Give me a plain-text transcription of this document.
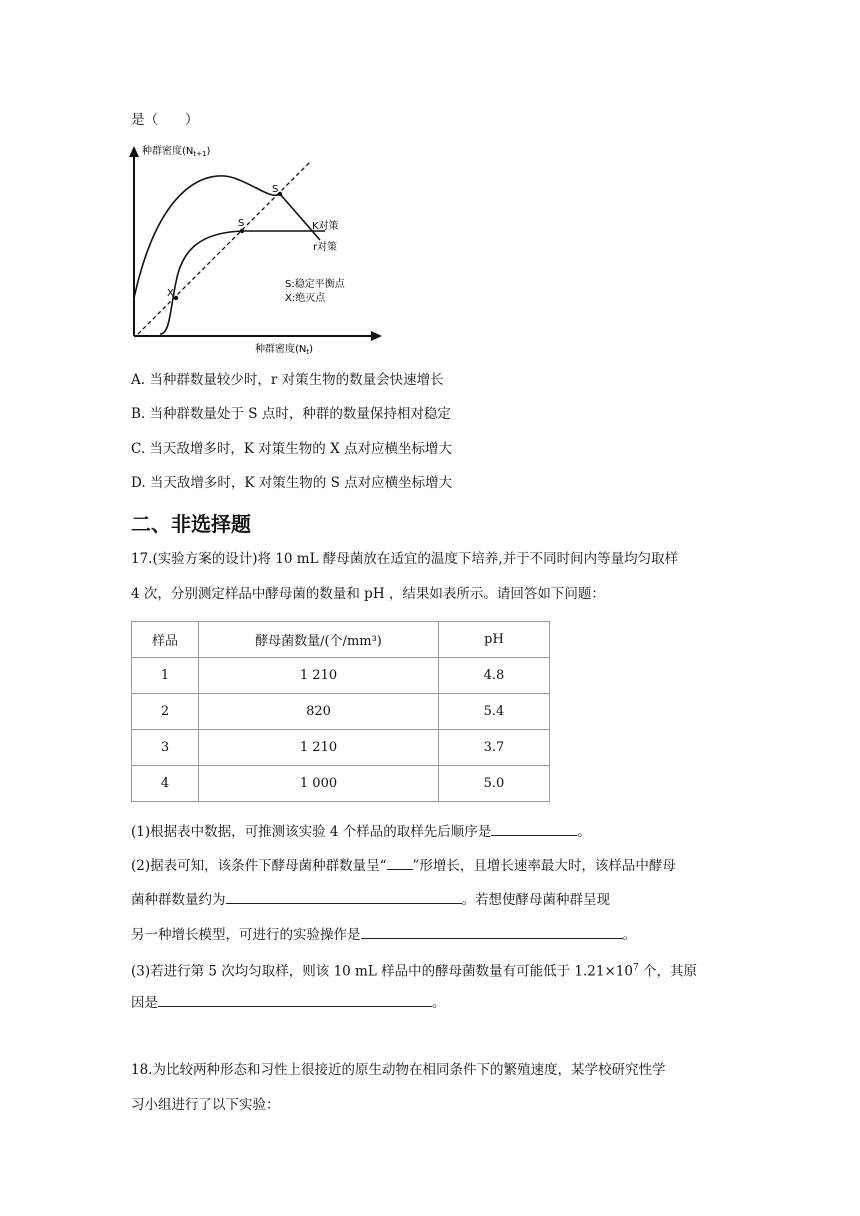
是（　　）
种群密度$(N_{t+1})$
种群密度$(N_t)$
K对策
r对策
S
S
X
S:稳定平衡点
X:绝灭点
A. 当种群数量较少时，r 对策生物的数量会快速增长
B. 当种群数量处于 S 点时，种群的数量保持相对稳定
C. 当天敌增多时，K 对策生物的 X 点对应横坐标增大
D. 当天敌增多时，K 对策生物的 S 点对应横坐标增大
二、非选择题
17.(实验方案的设计)将 10 mL 酵母菌放在适宜的温度下培养,并于不同时间内等量均匀取样
4 次，分别测定样品中酵母菌的数量和 pH ，结果如表所示。请回答如下问题：
样品	酵母菌数量/(个/mm³)	pH
1	1 210	4.8
2	820	5.4
3	1 210	3.7
4	1 000	5.0
(1)根据表中数据，可推测该实验 4 个样品的取样先后顺序是	。
(2)据表可知，该条件下酵母菌种群数量呈“ ”形增长，且增长速率最大时，该样品中酵母
菌种群数量约为	。若想使酵母菌种群呈现
另一种增长模型，可进行的实验操作是	。
(3)若进行第 5 次均匀取样，则该 10 mL 样品中的酵母菌数量有可能低于 $1.21\times 10^7$ 个，其原
因是	。
18.为比较两种形态和习性上很接近的原生动物在相同条件下的繁殖速度，某学校研究性学
习小组进行了以下实验：
